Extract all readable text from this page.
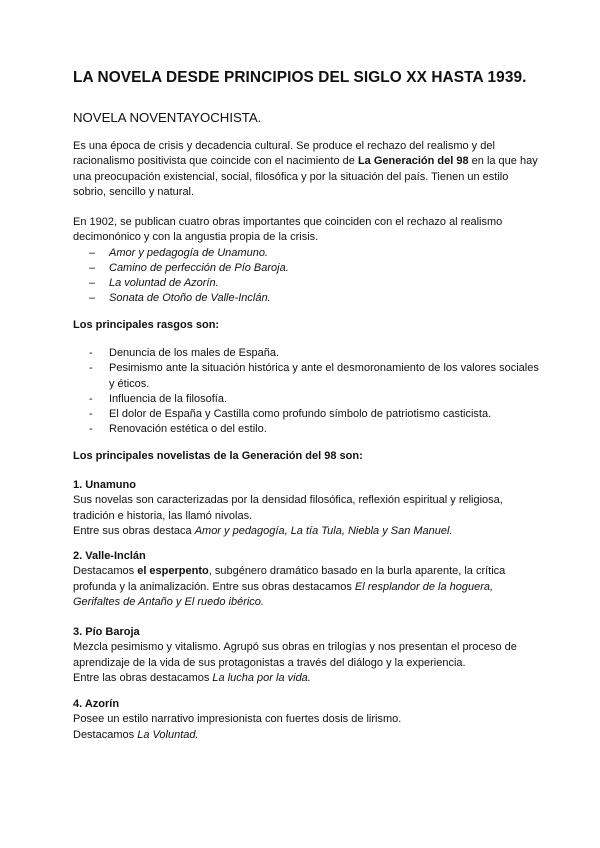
LA NOVELA DESDE PRINCIPIOS DEL SIGLO XX HASTA 1939.
NOVELA NOVENTAYOCHISTA.

Es una época de crisis y decadencia cultural. Se produce el rechazo del realismo y del racionalismo positivista que coincide con el nacimiento de La Generación del 98 en la que hay una preocupación existencial, social, filosófica y por la situación del país. Tienen un estilo sobrio, sencillo y natural.

En 1902, se publican cuatro obras importantes que coinciden con el rechazo al realismo decimonónico y con la angustia propia de la crisis.

– Amor y pedagogía de Unamuno.
– Camino de perfección de Pío Baroja.
– La voluntad de Azorín.
– Sonata de Otoño de Valle-Inclán.
Los principales rasgos son:
- Denuncia de los males de España.
- Pesimismo ante la situación histórica y ante el desmoronamiento de los valores sociales y éticos.
- Influencia de la filosofía.
- El dolor de España y Castilla como profundo símbolo de patriotismo casticista.
- Renovación estética o del estilo.
Los principales novelistas de la Generación del 98 son:

1. Unamuno

Sus novelas son caracterizadas por la densidad filosófica, reflexión espiritual y religiosa, tradición e historia, las llamó nivolas.

Entre sus obras destaca Amor y pedagogía, La tía Tula, Niebla y San Manuel.

2. Valle-Inclán

Destacamos el esperpento, subgénero dramático basado en la burla aparente, la crítica profunda y la animalización. Entre sus obras destacamos El resplandor de la hoguera, Gerifaltes de Antaño y El ruedo ibérico.

3. Pío Baroja

Mezcla pesimismo y vitalismo. Agrupó sus obras en trilogías y nos presentan el proceso de aprendizaje de la vida de sus protagonistas a través del diálogo y la experiencia.

Entre las obras destacamos La lucha por la vida.

4. Azorín

Posee un estilo narrativo impresionista con fuertes dosis de lirismo.

Destacamos La Voluntad.
